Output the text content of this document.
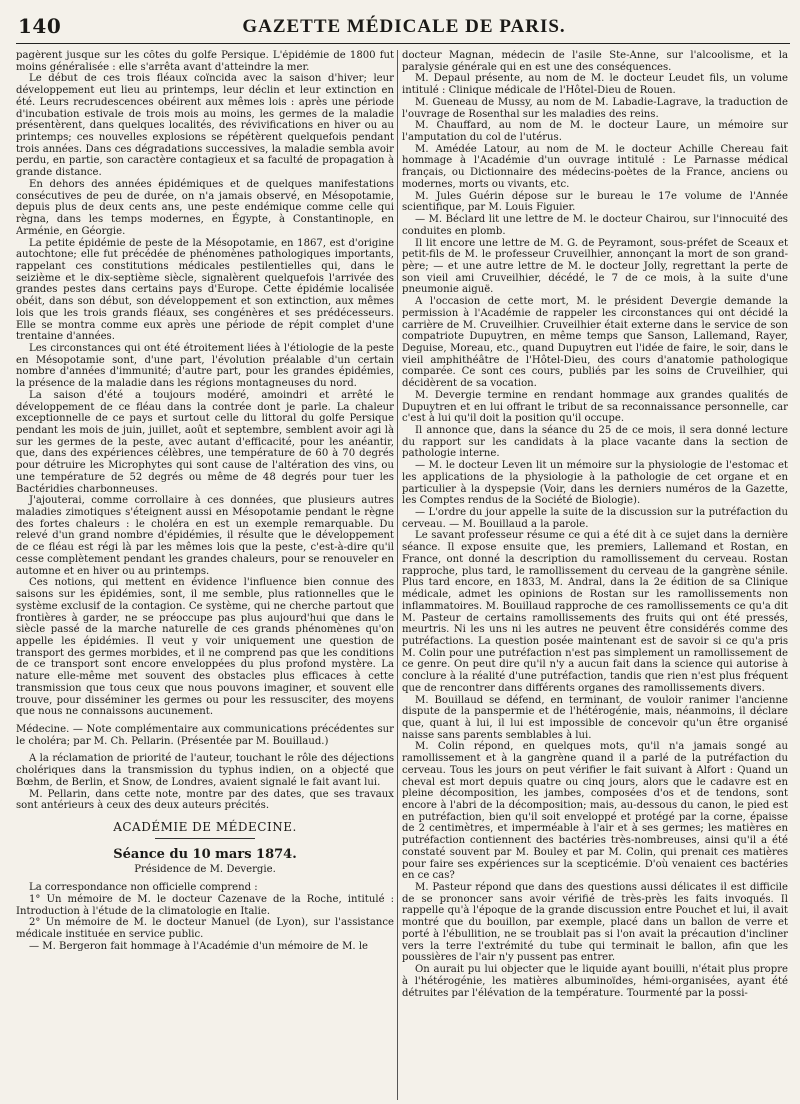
140	GAZETTE MÉDICALE DE PARIS.

pagèrent jusque sur les côtes du golfe Persique. L'épidémie de 1800 fut moins généralisée : elle s'arrêta avant d'atteindre la mer.

Le début de ces trois fléaux coïncida avec la saison d'hiver; leur développement eut lieu au printemps, leur déclin et leur extinction en été. Leurs recrudescences obéirent aux mêmes lois : après une période d'incubation estivale de trois mois au moins, les germes de la maladie présentèrent, dans quelques localités, des révivifications en hiver ou au printemps; ces nouvelles explosions se répétèrent quelquefois pendant trois années. Dans ces dégradations successives, la maladie sembla avoir perdu, en partie, son caractère contagieux et sa faculté de propagation à grande distance.

En dehors des années épidémiques et de quelques manifestations consécutives de peu de durée, on n'a jamais observé, en Mésopotamie, depuis plus de deux cents ans, une peste endémique comme celle qui règna, dans les temps modernes, en Égypte, à Constantinople, en Arménie, en Géorgie.

La petite épidémie de peste de la Mésopotamie, en 1867, est d'origine autochtone; elle fut précédée de phénomènes pathologiques importants, rappelant ces constitutions médicales pestilentielles qui, dans le seizième et le dix-septième siècle, signalèrent quelquefois l'arrivée des grandes pestes dans certains pays d'Europe. Cette épidémie localisée obéit, dans son début, son développement et son extinction, aux mêmes lois que les trois grands fléaux, ses congénères et ses prédécesseurs. Elle se montra comme eux après une période de répit complet d'une trentaine d'années.

Les circonstances qui ont été étroitement liées à l'étiologie de la peste en Mésopotamie sont, d'une part, l'évolution préalable d'un certain nombre d'années d'immunité; d'autre part, pour les grandes épidémies, la présence de la maladie dans les régions montagneuses du nord.

La saison d'été a toujours modéré, amoindri et arrêté le développement de ce fléau dans la contrée dont je parle. La chaleur exceptionnelle de ce pays et surtout celle du littoral du golfe Persique pendant les mois de juin, juillet, août et septembre, semblent avoir agi là sur les germes de la peste, avec autant d'efficacité, pour les anéantir, que, dans des expériences célèbres, une température de 60 à 70 degrés pour détruire les Microphytes qui sont cause de l'altération des vins, ou une température de 52 degrés ou même de 48 degrés pour tuer les Bactéridies charbonneuses.

J'ajouterai, comme corrollaire à ces données, que plusieurs autres maladies zimotiques s'éteignent aussi en Mésopotamie pendant le règne des fortes chaleurs : le choléra en est un exemple remarquable. Du relevé d'un grand nombre d'épidémies, il résulte que le développement de ce fléau est régi là par les mêmes lois que la peste, c'est-à-dire qu'il cesse complètement pendant les grandes chaleurs, pour se renouveler en automne et en hiver ou au printemps.

Ces notions, qui mettent en évidence l'influence bien connue des saisons sur les épidémies, sont, il me semble, plus rationnelles que le système exclusif de la contagion. Ce système, qui ne cherche partout que frontières à garder, ne se préoccupe pas plus aujourd'hui que dans le siècle passé de la marche naturelle de ces grands phénomènes qu'on appelle les épidémies. Il veut y voir uniquement une question de transport des germes morbides, et il ne comprend pas que les conditions de ce transport sont encore enveloppées du plus profond mystère. La nature elle-même met souvent des obstacles plus efficaces à cette transmission que tous ceux que nous pouvons imaginer, et souvent elle trouve, pour disséminer les germes ou pour les ressusciter, des moyens que nous ne connaissons aucunement.

Médecine. — Note complémentaire aux communications précédentes sur le choléra; par M. Ch. Pellarin. (Présentée par M. Bouillaud.)

A la réclamation de priorité de l'auteur, touchant le rôle des déjections cholériques dans la transmission du typhus indien, on a objecté que Bœhm, de Berlin, et Snow, de Londres, avaient signalé le fait avant lui.

M. Pellarin, dans cette note, montre par des dates, que ses travaux sont antérieurs à ceux des deux auteurs précités.

ACADÉMIE DE MÉDECINE.
Séance du 10 mars 1874.
Présidence de M. Devergie.

La correspondance non officielle comprend :

1° Un mémoire de M. le docteur Cazenave de la Roche, intitulé : Introduction à l'étude de la climatologie en Italie.

2° Un mémoire de M. le docteur Manuel (de Lyon), sur l'assistance médicale instituée en service public.

— M. Bergeron fait hommage à l'Académie d'un mémoire de M. le

docteur Magnan, médecin de l'asile Ste-Anne, sur l'alcoolisme, et la paralysie générale qui en est une des conséquences.

M. Depaul présente, au nom de M. le docteur Leudet fils, un volume intitulé : Clinique médicale de l'Hôtel-Dieu de Rouen.

M. Gueneau de Mussy, au nom de M. Labadie-Lagrave, la traduction de l'ouvrage de Rosenthal sur les maladies des reins.

M. Chauffard, au nom de M. le docteur Laure, un mémoire sur l'amputation du col de l'utérus.

M. Amédée Latour, au nom de M. le docteur Achille Chereau fait hommage à l'Académie d'un ouvrage intitulé : Le Parnasse médical français, ou Dictionnaire des médecins-poètes de la France, anciens ou modernes, morts ou vivants, etc.

M. Jules Guérin dépose sur le bureau le 17e volume de l'Année scientifique, par M. Louis Figuier.

— M. Béclard lit une lettre de M. le docteur Chairou, sur l'innocuité des conduites en plomb.

Il lit encore une lettre de M. G. de Peyramont, sous-préfet de Sceaux et petit-fils de M. le professeur Cruveilhier, annonçant la mort de son grand-père; — et une autre lettre de M. le docteur Jolly, regrettant la perte de son vieil ami Cruveilhier, décédé, le 7 de ce mois, à la suite d'une pneumonie aiguë.

A l'occasion de cette mort, M. le président Devergie demande la permission à l'Académie de rappeler les circonstances qui ont décidé la carrière de M. Cruveilhier. Cruveilhier était externe dans le service de son compatriote Dupuytren, en même temps que Sanson, Lallemand, Rayer, Deguise, Moreau, etc., quand Dupuytren eut l'idée de faire, le soir, dans le vieil amphithéâtre de l'Hôtel-Dieu, des cours d'anatomie pathologique comparée. Ce sont ces cours, publiés par les soins de Cruveilhier, qui décidèrent de sa vocation.

M. Devergie termine en rendant hommage aux grandes qualités de Dupuytren et en lui offrant le tribut de sa reconnaissance personnelle, car c'est à lui qu'il doit la position qu'il occupe.

Il annonce que, dans la séance du 25 de ce mois, il sera donné lecture du rapport sur les candidats à la place vacante dans la section de pathologie interne.

— M. le docteur Leven lit un mémoire sur la physiologie de l'estomac et les applications de la physiologie à la pathologie de cet organe et en particulier à la dyspepsie (Voir, dans les derniers numéros de la Gazette, les Comptes rendus de la Société de Biologie).

— L'ordre du jour appelle la suite de la discussion sur la putréfaction du cerveau. — M. Bouillaud a la parole.

Le savant professeur résume ce qui a été dit à ce sujet dans la dernière séance. Il expose ensuite que, les premiers, Lallemand et Rostan, en France, ont donné la description du ramollissement du cerveau. Rostan rapproche, plus tard, le ramollissement du cerveau de la gangrène sénile. Plus tard encore, en 1833, M. Andral, dans la 2e édition de sa Clinique médicale, admet les opinions de Rostan sur les ramollissements non inflammatoires. M. Bouillaud rapproche de ces ramollissements ce qu'a dit M. Pasteur de certains ramollissements des fruits qui ont été pressés, meurtris. Ni les uns ni les autres ne peuvent être considérés comme des putréfactions. La question posée maintenant est de savoir si ce qu'a pris M. Colin pour une putréfaction n'est pas simplement un ramollissement de ce genre. On peut dire qu'il n'y a aucun fait dans la science qui autorise à conclure à la réalité d'une putréfaction, tandis que rien n'est plus fréquent que de rencontrer dans différents organes des ramollissements divers.

M. Bouillaud se défend, en terminant, de vouloir ranimer l'ancienne dispute de la panspermie et de l'hétérogénie, mais, néanmoins, il déclare que, quant à lui, il lui est impossible de concevoir qu'un être organisé naisse sans parents semblables à lui.

M. Colin répond, en quelques mots, qu'il n'a jamais songé au ramollissement et à la gangrène quand il a parlé de la putréfaction du cerveau. Tous les jours on peut vérifier le fait suivant à Alfort : Quand un cheval est mort depuis quatre ou cinq jours, alors que le cadavre est en pleine décomposition, les jambes, composées d'os et de tendons, sont encore à l'abri de la décomposition; mais, au-dessous du canon, le pied est en putréfaction, bien qu'il soit enveloppé et protégé par la corne, épaisse de 2 centimètres, et imperméable à l'air et à ses germes; les matières en putréfaction contiennent des bactéries très-nombreuses, ainsi qu'il a été constaté souvent par M. Bouley et par M. Colin, qui prenait ces matières pour faire ses expériences sur la scepticémie. D'où venaient ces bactéries en ce cas?

M. Pasteur répond que dans des questions aussi délicates il est difficile de se prononcer sans avoir vérifié de très-près les faits invoqués. Il rappelle qu'à l'époque de la grande discussion entre Pouchet et lui, il avait montré que du bouillon, par exemple, placé dans un ballon de verre et porté à l'ébullition, ne se troublait pas si l'on avait la précaution d'incliner vers la terre l'extrémité du tube qui terminait le ballon, afin que les poussières de l'air n'y pussent pas entrer.

On aurait pu lui objecter que le liquide ayant bouilli, n'était plus propre à l'hétérogénie, les matières albuminoïdes, hémi-organisées, ayant été détruites par l'élévation de la température. Tourmenté par la possi-
